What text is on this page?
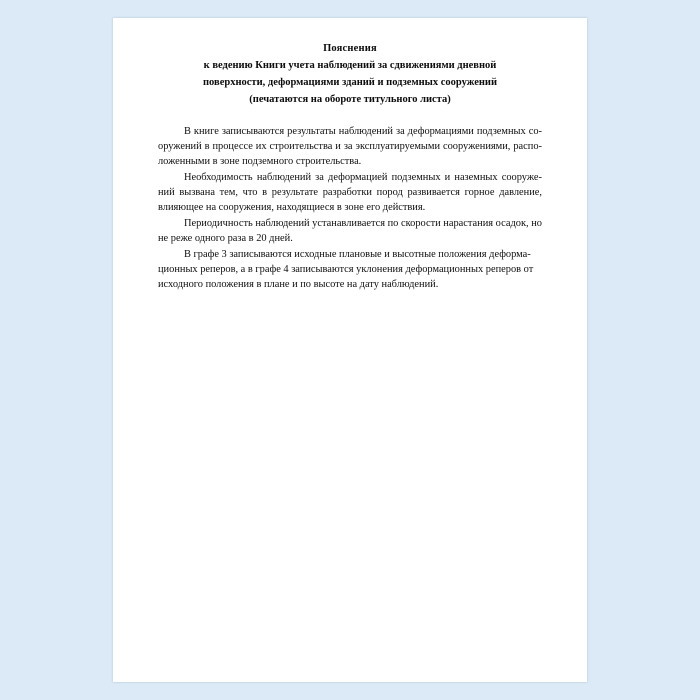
Пояснения
к ведению Книги учета наблюдений за сдвижениями дневной
поверхности, деформациями зданий и подземных сооружений
(печатаются на обороте титульного листа)

В книге записываются результаты наблюдений за деформациями подземных сооружений в процессе их строительства и за эксплуатируемыми сооружениями, расположенными в зоне подземного строительства.

Необходимость наблюдений за деформацией подземных и наземных сооружений вызвана тем, что в результате разработки пород развивается горное давление, влияющее на сооружения, находящиеся в зоне его действия.

Периодичность наблюдений устанавливается по скорости нарастания осадок, но не реже одного раза в 20 дней.

В графе 3 записываются исходные плановые и высотные положения деформационных реперов, а в графе 4 записываются уклонения деформационных реперов от исходного положения в плане и по высоте на дату наблюдений.
